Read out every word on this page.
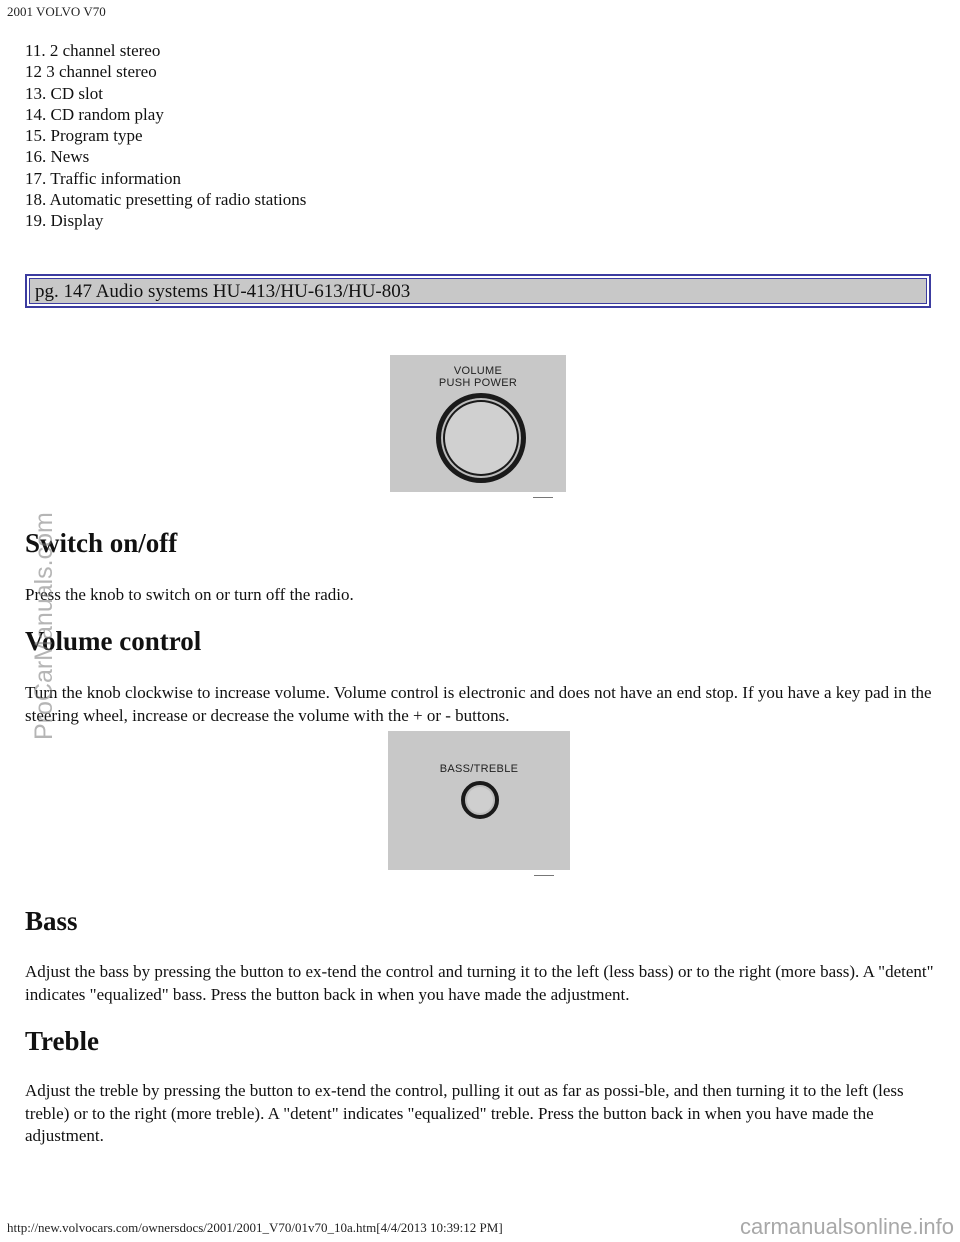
2001 VOLVO V70
11. 2 channel stereo
12 3 channel stereo
13. CD slot
14. CD random play
15. Program type
16. News
17. Traffic information
18. Automatic presetting of radio stations
19. Display
pg. 147 Audio systems HU-413/HU-613/HU-803
VOLUME
PUSH POWER
BASS/TREBLE
Switch on/off

Press the knob to switch on or turn off the radio.

Volume control

Turn the knob clockwise to increase volume. Volume control is electronic and does not have an end stop. If you have a key pad in the steering wheel, increase or decrease the volume with the + or - buttons.

Bass

Adjust the bass by pressing the button to ex-tend the control and turning it to the left (less bass) or to the right (more bass). A "detent" indicates "equalized" bass. Press the button back in when you have made the adjustment.

Treble

Adjust the treble by pressing the button to ex-tend the control, pulling it out as far as possi-ble, and then turning it to the left (less treble) or to the right (more treble). A "detent" indicates "equalized" treble. Press the button back in when you have made the adjustment.

ProCarManuals.com
http://new.volvocars.com/ownersdocs/2001/2001_V70/01v70_10a.htm[4/4/2013 10:39:12 PM]	carmanualsonline.info
